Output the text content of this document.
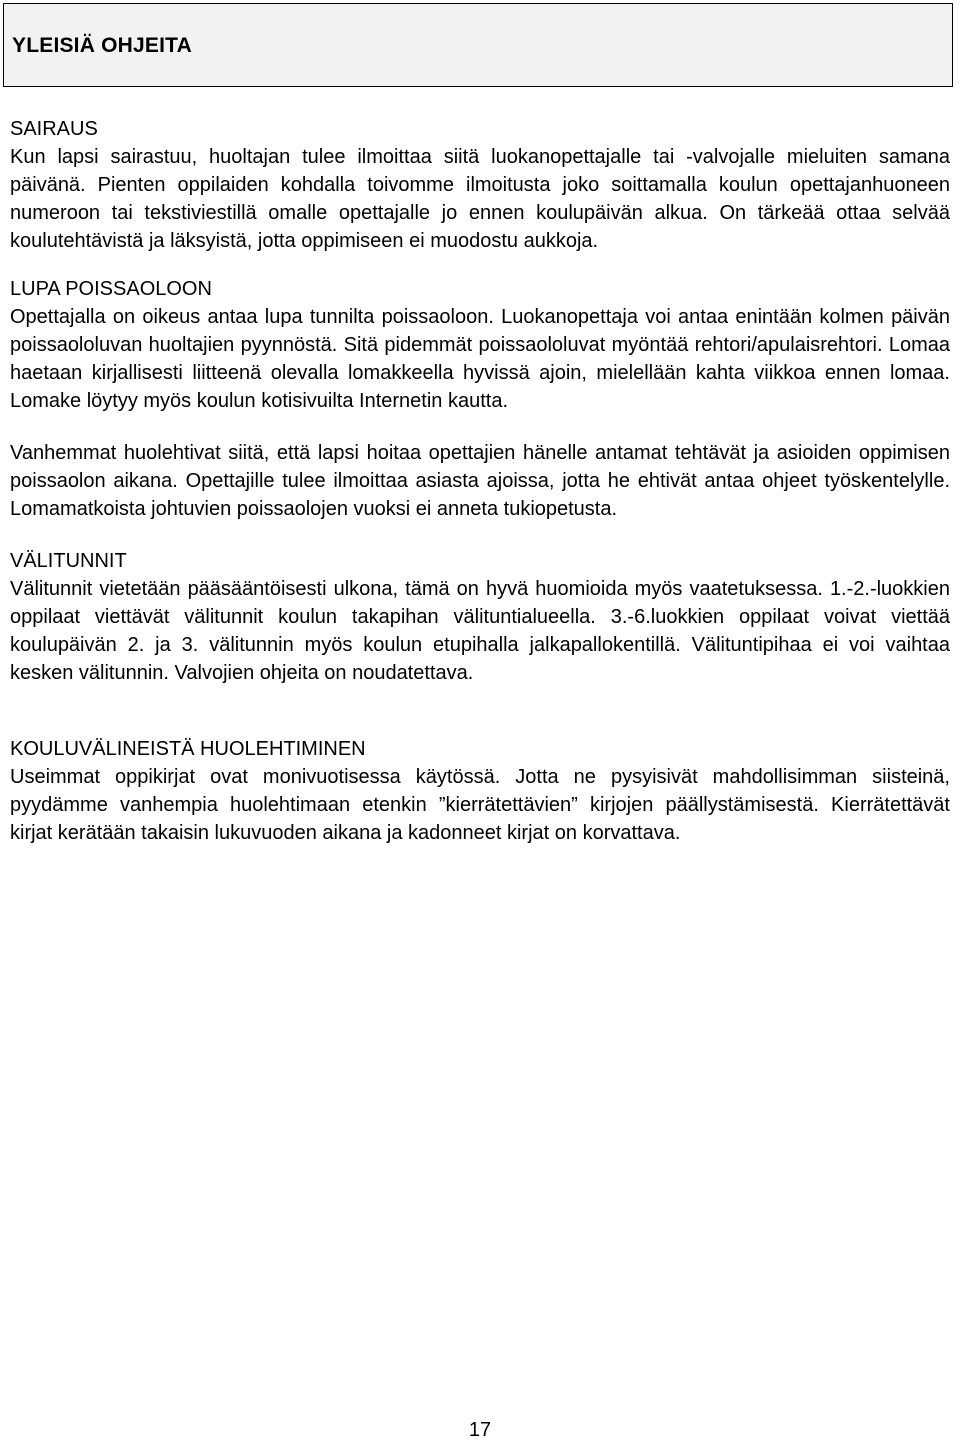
YLEISIÄ OHJEITA
SAIRAUS

Kun lapsi sairastuu, huoltajan tulee ilmoittaa siitä luokanopettajalle tai -valvojalle mieluiten samana päivänä. Pienten oppilaiden kohdalla toivomme ilmoitusta joko soittamalla koulun opettajanhuoneen numeroon tai tekstiviestillä omalle opettajalle jo ennen koulupäivän alkua. On tärkeää ottaa selvää koulutehtävistä ja läksyistä, jotta oppimiseen ei muodostu aukkoja.

LUPA POISSAOLOON

Opettajalla on oikeus antaa lupa tunnilta poissaoloon. Luokanopettaja voi antaa enintään kolmen päivän poissaololuvan huoltajien pyynnöstä. Sitä pidemmät poissaololuvat myöntää rehtori/apulaisrehtori. Lomaa haetaan kirjallisesti liitteenä olevalla lomakkeella hyvissä ajoin, mielellään kahta viikkoa ennen lomaa. Lomake löytyy myös koulun kotisivuilta Internetin kautta.

Vanhemmat huolehtivat siitä, että lapsi hoitaa opettajien hänelle antamat tehtävät ja asioiden oppimisen poissaolon aikana. Opettajille tulee ilmoittaa asiasta ajoissa, jotta he ehtivät antaa ohjeet työskentelylle. Lomamatkoista johtuvien poissaolojen vuoksi ei anneta tukiopetusta.

VÄLITUNNIT

Välitunnit vietetään pääsääntöisesti ulkona, tämä on hyvä huomioida myös vaatetuksessa. 1.-2.-luokkien oppilaat viettävät välitunnit koulun takapihan välituntialueella. 3.-6.luokkien oppilaat voivat viettää koulupäivän 2. ja 3. välitunnin myös koulun etupihalla jalkapallokentillä. Välituntipihaa ei voi vaihtaa kesken välitunnin. Valvojien ohjeita on noudatettava.

KOULUVÄLINEISTÄ HUOLEHTIMINEN

Useimmat oppikirjat ovat monivuotisessa käytössä. Jotta ne pysyisivät mahdollisimman siisteinä, pyydämme vanhempia huolehtimaan etenkin ”kierrätettävien” kirjojen päällystämisestä. Kierrätettävät kirjat kerätään takaisin lukuvuoden aikana ja kadonneet kirjat on korvattava.

17
